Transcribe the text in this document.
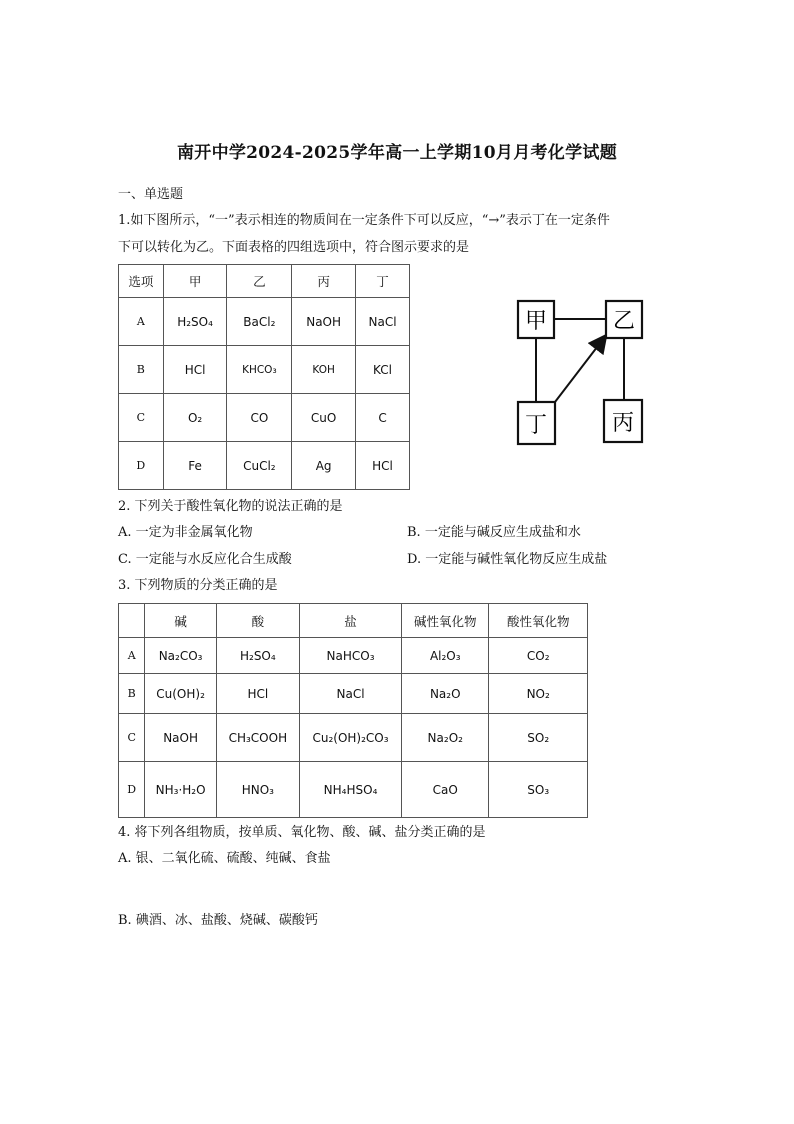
南开中学2024-2025学年高一上学期10月月考化学试题
一、单选题
1.如下图所示，“一”表示相连的物质间在一定条件下可以反应，“→”表示丁在一定条件
下可以转化为乙。下面表格的四组选项中，符合图示要求的是
选项	甲	乙	丙	丁
A	H₂SO₄	BaCl₂	NaOH	NaCl
B	HCl	KHCO₃	KOH	KCl
C	O₂	CO	CuO	C
D	Fe	CuCl₂	Ag	HCl
甲	乙
丁	丙
2. 下列关于酸性氧化物的说法正确的是
A. 一定为非金属氧化物	B. 一定能与碱反应生成盐和水
C. 一定能与水反应化合生成酸	D. 一定能与碱性氧化物反应生成盐
3. 下列物质的分类正确的是
	碱	酸	盐	碱性氧化物	酸性氧化物
A	Na₂CO₃	H₂SO₄	NaHCO₃	Al₂O₃	CO₂
B	Cu(OH)₂	HCl	NaCl	Na₂O	NO₂
C	NaOH	CH₃COOH	Cu₂(OH)₂CO₃	Na₂O₂	SO₂
D	NH₃·H₂O	HNO₃	NH₄HSO₄	CaO	SO₃
4. 将下列各组物质，按单质、氧化物、酸、碱、盐分类正确的是
A. 银、二氧化硫、硫酸、纯碱、食盐
B. 碘酒、冰、盐酸、烧碱、碳酸钙
